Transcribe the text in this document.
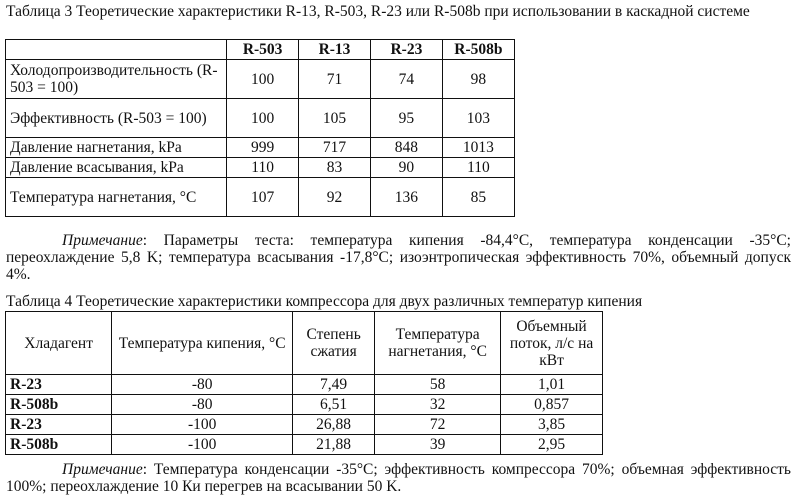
Таблица 3 Теоретические характеристики R-13, R-503, R-23 или R-508b при использовании в каскадной системе
	R-503	R-13	R-23	R-508b
Холодопроизводительность (R-503 = 100)	100	71	74	98
Эффективность (R-503 = 100)	100	105	95	103
Давление нагнетания, kPa	999	717	848	1013
Давление всасывания, kPa	110	83	90	110
Температура нагнетания, °C	107	92	136	85
Примечание: Параметры теста: температура кипения -84,4°C, температура конденсации -35°C; переохлаждение 5,8 K; температура всасывания -17,8°C; изоэнтропическая эффективность 70%, объемный допуск 4%.
Таблица 4 Теоретические характеристики компрессора для двух различных температур кипения
Хладагент	Температура кипения, °C	Степень сжатия	Температура нагнетания, °C	Объемный поток, л/с на кВт
R-23	-80	7,49	58	1,01
R-508b	-80	6,51	32	0,857
R-23	-100	26,88	72	3,85
R-508b	-100	21,88	39	2,95
Примечание: Температура конденсации -35°C; эффективность компрессора 70%; объемная эффективность 100%; переохлаждение 10 Ки перегрев на всасывании 50 K.
